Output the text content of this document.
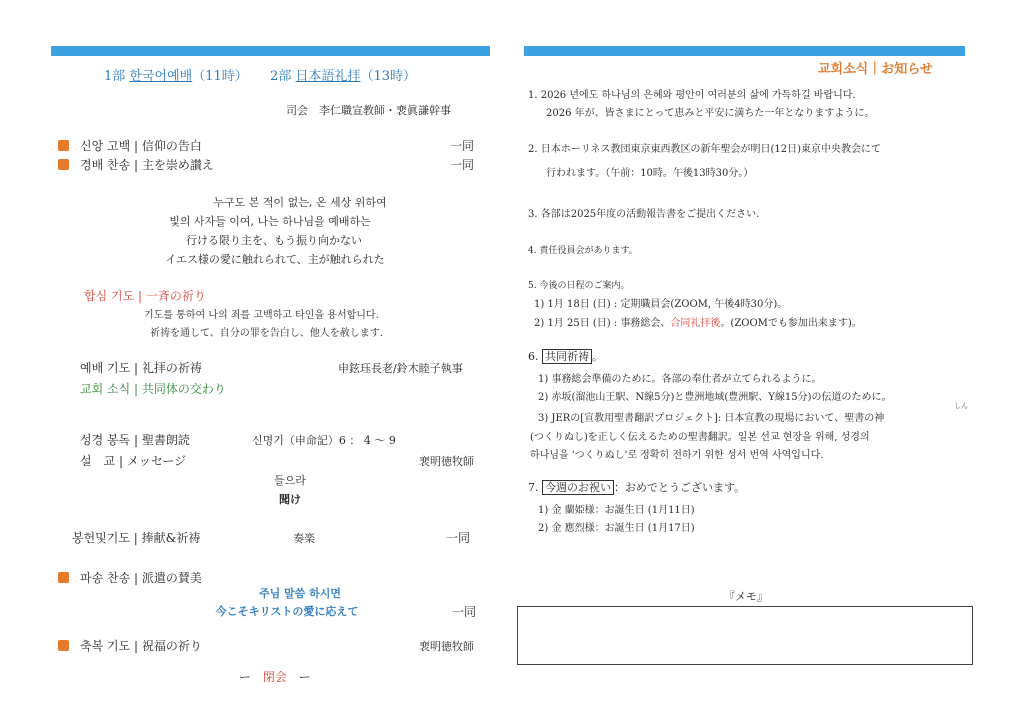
1部 한국어예배（11時） 2部 日本語礼拝（13時）
司会　李仁職宣教師・裵眞謙幹事
신앙 고백 | 信仰の告白	一同
경배 찬송 | 主を崇め讃え	一同
누구도 본 적이 없는, 온 세상 위하여
빛의 사자들 이여, 나는 하나님을 예배하는
行ける限り主を、もう振り向かない
イエス様の愛に触れられて、主が触れられた
합심 기도 | 一斉の祈り
기도를 통하여 나의 죄를 고백하고 타인을 용서합니다.
祈祷を通して、自分の罪を告白し、他人を赦します.
예배 기도 | 礼拝の祈祷	申鉉珏長老/鈴木睦子執事
교회 소식 | 共同体の交わり
성경 봉독 | 聖書朗読	신명기（申命記）6 ： 4 〜 9
설　교 | メッセージ	裵明徳牧師
들으라
聞け
봉헌및기도 | 捧献&祈祷	奏楽	一同
파송 찬송 | 派遣の賛美
주님 말씀 하시면
今こそキリストの愛に応えて	一同
축복 기도 | 祝福の祈り	裵明徳牧師
ー 閉会 ー
교회소식｜お知らせ
1. 2026 년에도 하나님의 은혜와 평안이 여러분의 삶에 가득하길 바랍니다.
2026 年が、皆さまにとって恵みと平安に満ちた一年となりますように。
2. 日本ホーリネス教団東京東西教区の新年聖会が明日(12日)東京中央教会にて
行われます。（午前：10時。午後13時30分。）
3. 各部は2025年度の活動報告書をご提出ください.
4. 責任役員会があります。
5. 今後の日程のご案内。
1) 1月 18日 (日) : 定期職員会(ZOOM, 午後4時30分)。
2) 1月 25日 (日) : 事務総会、合同礼拝後。(ZOOMでも参加出来ます)。
6. 共同祈祷 。
1) 事務総会準備のために。各部の奉仕者が立てられるように。
2) 赤坂(溜池山王駅、N線5分)と豊洲地域(豊洲駅、Y線15分)の伝道のために。
しん
3) JERの[宣教用聖書翻訳プロジェクト]: 日本宣教の現場において、聖書の神
(つくりぬし)を正しく伝えるための聖書翻訳。일본 선교 현장을 위해, 성경의
하나님을 'つくりぬし'로 정확히 전하기 위한 성서 번역 사역입니다.
7. 今週のお祝い ：おめでとうございます。
1) 金 蘭姫様：お誕生日 (1月11日)
2) 金 應烈様：お誕生日 (1月17日)
『メモ』
